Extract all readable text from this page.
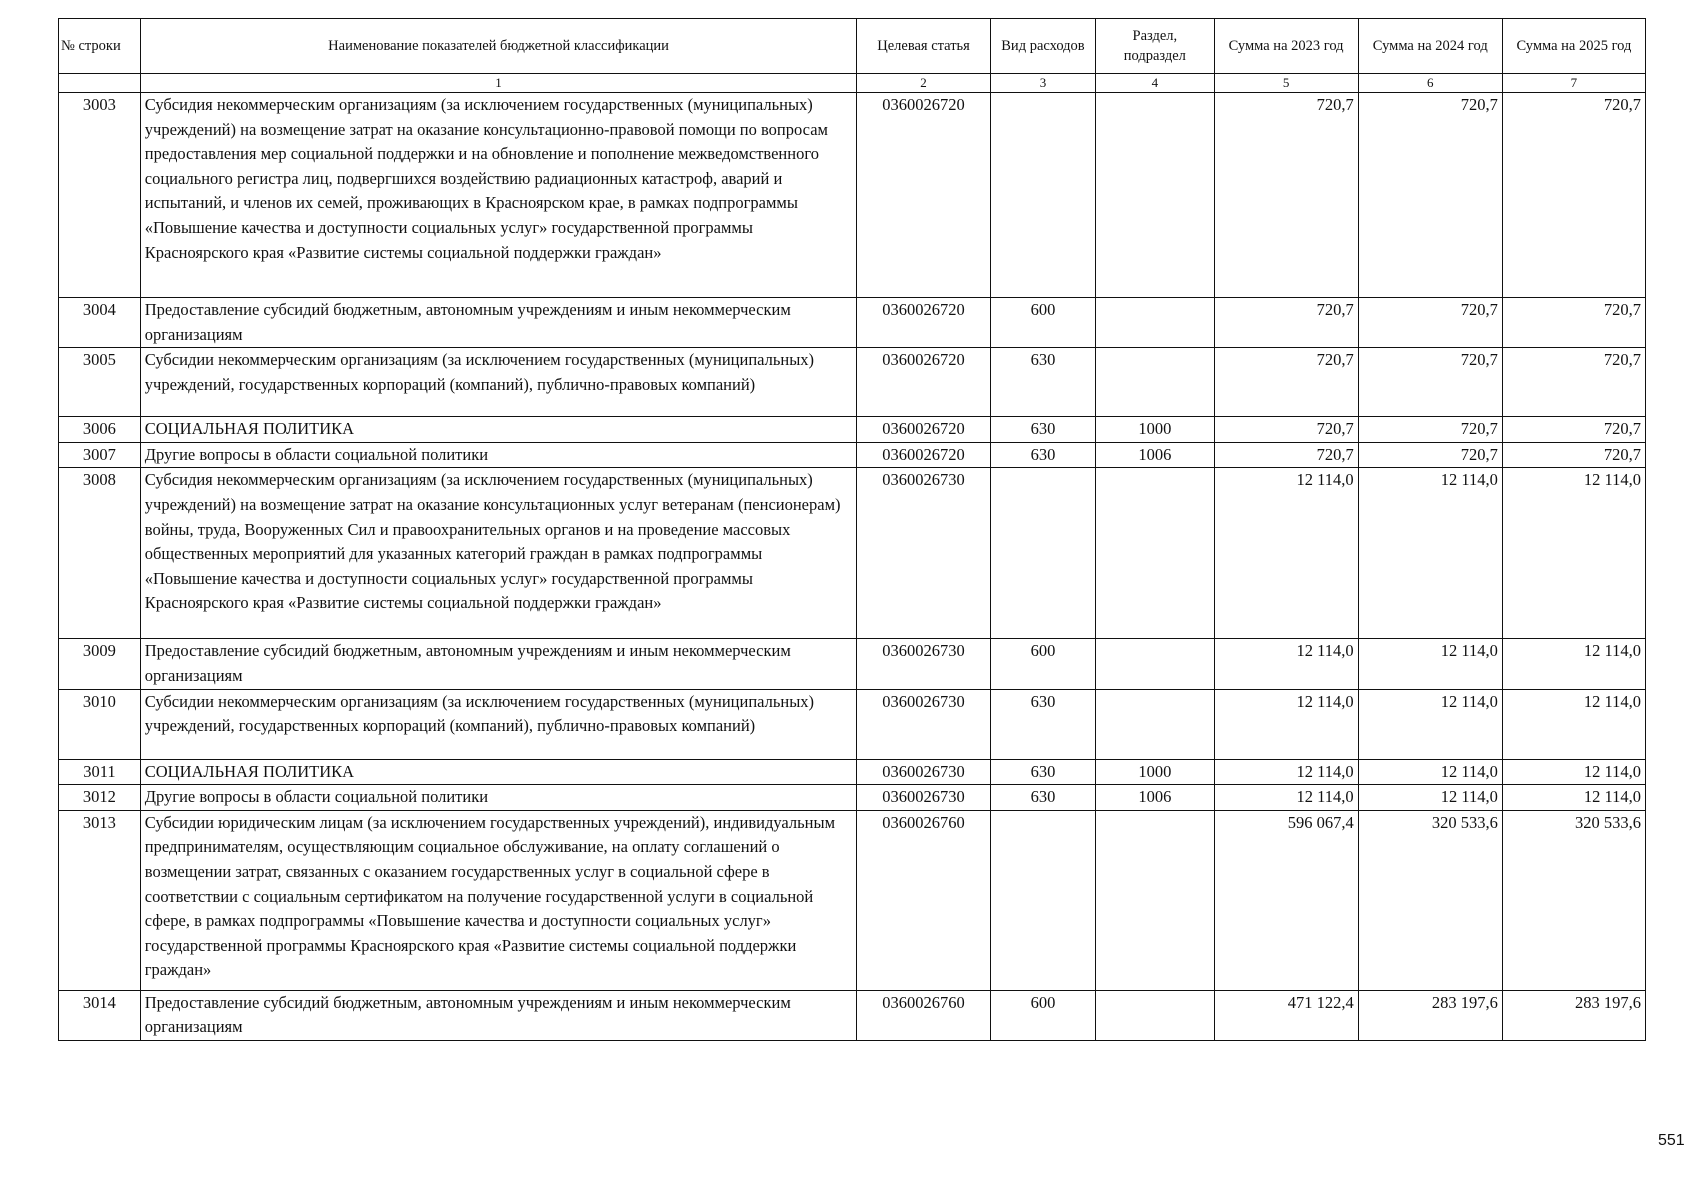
№ строки	Наименование показателей бюджетной классификации	Целевая статья	Вид расходов	Раздел, подраздел	Сумма на 2023 год	Сумма на 2024 год	Сумма на 2025 год
	1	2	3	4	5	6	7
3003	Субсидия некоммерческим организациям (за исключением государственных (муниципальных) учреждений) на возмещение затрат на оказание консультационно-правовой помощи по вопросам предоставления мер социальной поддержки и на обновление и пополнение межведомственного социального регистра лиц, подвергшихся воздействию радиационных катастроф, аварий и испытаний, и членов их семей, проживающих в Красноярском крае, в рамках подпрограммы «Повышение качества и доступности социальных услуг» государственной программы Красноярского края «Развитие системы социальной поддержки граждан»	0360026720			720,7	720,7	720,7
3004	Предоставление субсидий бюджетным, автономным учреждениям и иным некоммерческим организациям	0360026720	600		720,7	720,7	720,7
3005	Субсидии некоммерческим организациям (за исключением государственных (муниципальных) учреждений, государственных корпораций (компаний), публично-правовых компаний)	0360026720	630		720,7	720,7	720,7
3006	СОЦИАЛЬНАЯ ПОЛИТИКА	0360026720	630	1000	720,7	720,7	720,7
3007	Другие вопросы в области социальной политики	0360026720	630	1006	720,7	720,7	720,7
3008	Субсидия некоммерческим организациям (за исключением государственных (муниципальных) учреждений) на возмещение затрат на оказание консультационных услуг ветеранам (пенсионерам) войны, труда, Вооруженных Сил и правоохранительных органов и на проведение массовых общественных мероприятий для указанных категорий граждан в рамках подпрограммы «Повышение качества и доступности социальных услуг» государственной программы Красноярского края «Развитие системы социальной поддержки граждан»	0360026730			12 114,0	12 114,0	12 114,0
3009	Предоставление субсидий бюджетным, автономным учреждениям и иным некоммерческим организациям	0360026730	600		12 114,0	12 114,0	12 114,0
3010	Субсидии некоммерческим организациям (за исключением государственных (муниципальных) учреждений, государственных корпораций (компаний), публично-правовых компаний)	0360026730	630		12 114,0	12 114,0	12 114,0
3011	СОЦИАЛЬНАЯ ПОЛИТИКА	0360026730	630	1000	12 114,0	12 114,0	12 114,0
3012	Другие вопросы в области социальной политики	0360026730	630	1006	12 114,0	12 114,0	12 114,0
3013	Субсидии юридическим лицам (за исключением государственных учреждений), индивидуальным предпринимателям, осуществляющим социальное обслуживание, на оплату соглашений о возмещении затрат, связанных с оказанием государственных услуг в социальной сфере в соответствии с социальным сертификатом на получение государственной услуги в социальной сфере, в рамках подпрограммы «Повышение качества и доступности социальных услуг» государственной программы Красноярского края «Развитие системы социальной поддержки граждан»	0360026760			596 067,4	320 533,6	320 533,6
3014	Предоставление субсидий бюджетным, автономным учреждениям и иным некоммерческим организациям	0360026760	600		471 122,4	283 197,6	283 197,6
551
